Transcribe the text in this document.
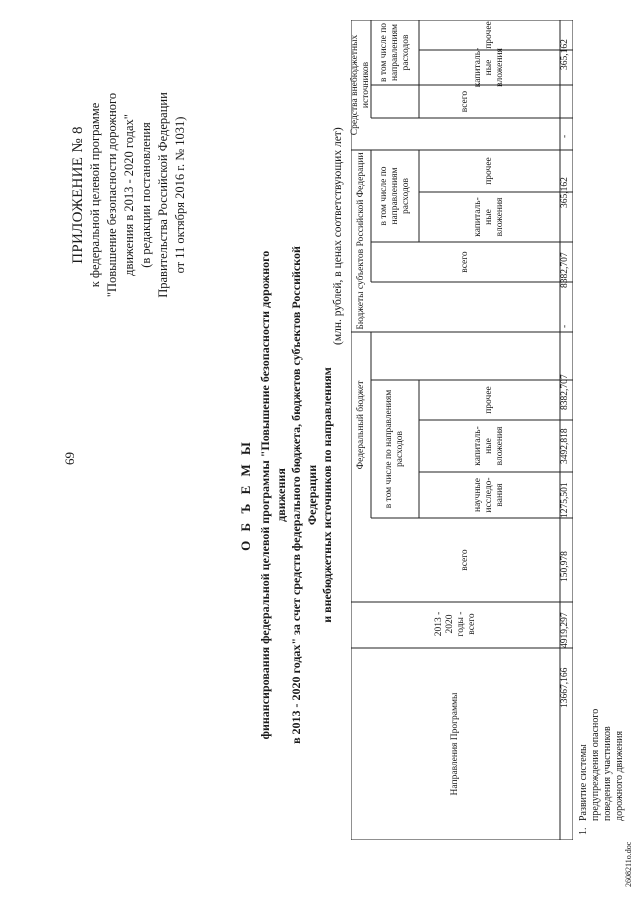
69
ПРИЛОЖЕНИЕ № 8 к федеральной целевой программе "Повышение безопасности дорожного движения в 2013 - 2020 годах" (в редакции постановления Правительства Российской Федерации от 11 октября 2016 г. № 1031)
О Б Ъ Е М Ы финансирования федеральной целевой программы "Повышение безопасности дорожного движения в 2013 - 2020 годах" за счет средств федерального бюджета, бюджетов субъектов Российской Федерации и внебюджетных источников по направлениям
(млн. рублей, в ценах соответствующих лет)
Направления Программы
2013 - 2020 годы - всего
Федеральный бюджет
Бюджеты субъектов Российской Федерации
Средства внебюджетных источников
всего
в том числе по направлениям расходов
научные исследо- вания
капиталь- ные вложения
прочее
всего
в том числе по направлениям расходов
капиталь- ные вложения
прочее
всего
в том числе по направлениям расходов	капиталь- ные вложения
прочее
13667,166
4919,297
150,978
1275,501
3492,818
8382,707
-
8382,707
365,162
-
365,162
1.
Развитие системы предупреждения опасного поведения участников дорожного движения
2608211o.doc
